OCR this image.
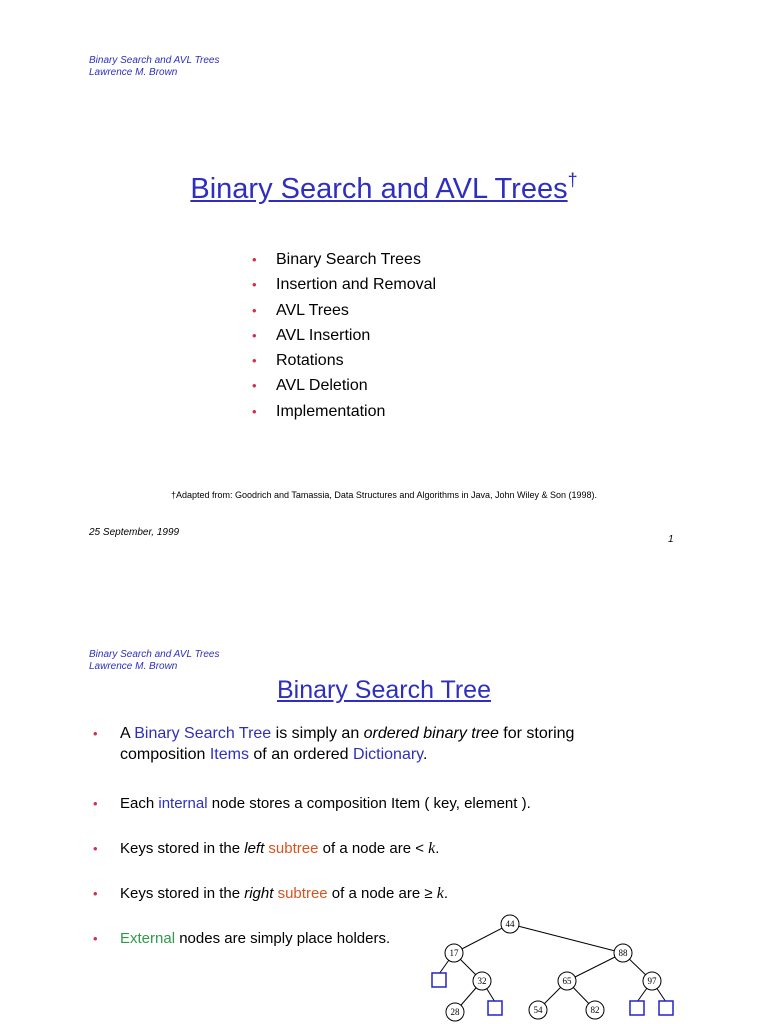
Binary Search and AVL Trees
Lawrence M. Brown
Binary Search and AVL Trees†
• Binary Search Trees
• Insertion and Removal
• AVL Trees
• AVL Insertion
• Rotations
• AVL Deletion
• Implementation
†Adapted from: Goodrich and Tamassia, Data Structures and Algorithms in Java, John Wiley & Son (1998).
25 September, 1999
1
Binary Search and AVL Trees
Lawrence M. Brown
Binary Search Tree
• A Binary Search Tree is simply an ordered binary tree for storing
composition Items of an ordered Dictionary.
• Each internal node stores a composition Item ( key, element ).
• Keys stored in the left subtree of a node are < k.
• Keys stored in the right subtree of a node are ≥ k.
• External nodes are simply place holders.
44
17	88
32	65	97
28	54	82
